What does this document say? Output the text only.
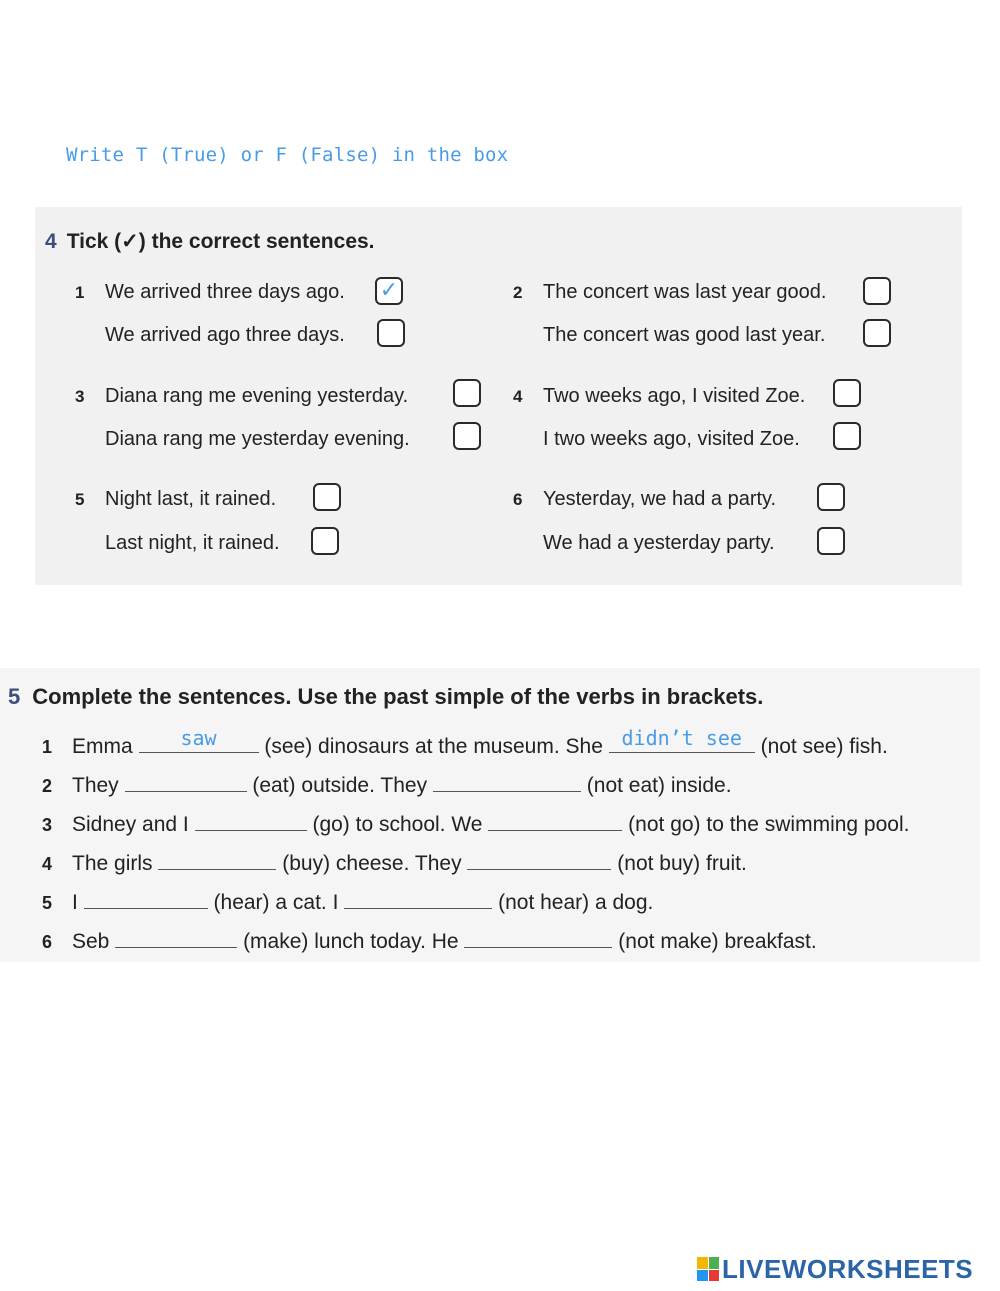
Write T (True) or F (False) in the box
4 Tick (✓) the correct sentences.
1 We arrived three days ago. ✓
We arrived ago three days.
2 The concert was last year good.
The concert was good last year.
3 Diana rang me evening yesterday.
Diana rang me yesterday evening.
4 Two weeks ago, I visited Zoe.
I two weeks ago, visited Zoe.
5 Night last, it rained.
Last night, it rained.
6 Yesterday, we had a party.
We had a yesterday party.
5 Complete the sentences. Use the past simple of the verbs in brackets.
1 Emma	saw	(see) dinosaurs at the museum. She didn’t see (not see) fish.
2 They	(eat) outside. They	(not eat) inside.
3 Sidney and I	(go) to school. We	(not go) to the swimming pool.
4 The girls	(buy) cheese. They	(not buy) fruit.
5 I	(hear) a cat. I	(not hear) a dog.
6 Seb	(make) lunch today. He	(not make) breakfast.
LIVEWORKSHEETS
